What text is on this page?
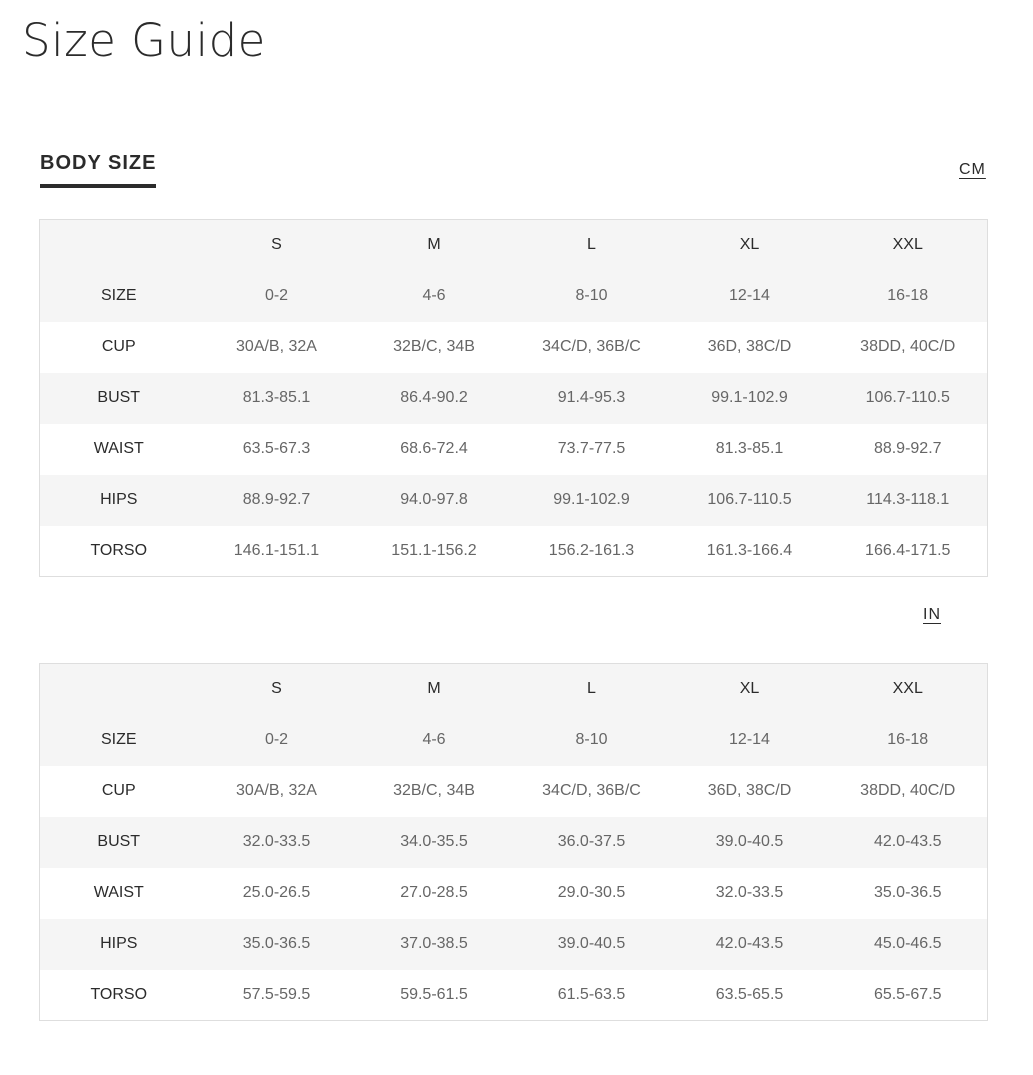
Size Guide
BODY SIZE	CM
	S	M	L	XL	XXL
SIZE	0-2	4-6	8-10	12-14	16-18
CUP	30A/B, 32A	32B/C, 34B	34C/D, 36B/C	36D, 38C/D	38DD, 40C/D
BUST	81.3-85.1	86.4-90.2	91.4-95.3	99.1-102.9	106.7-110.5
WAIST	63.5-67.3	68.6-72.4	73.7-77.5	81.3-85.1	88.9-92.7
HIPS	88.9-92.7	94.0-97.8	99.1-102.9	106.7-110.5	114.3-118.1
TORSO	146.1-151.1	151.1-156.2	156.2-161.3	161.3-166.4	166.4-171.5
IN
	S	M	L	XL	XXL
SIZE	0-2	4-6	8-10	12-14	16-18
CUP	30A/B, 32A	32B/C, 34B	34C/D, 36B/C	36D, 38C/D	38DD, 40C/D
BUST	32.0-33.5	34.0-35.5	36.0-37.5	39.0-40.5	42.0-43.5
WAIST	25.0-26.5	27.0-28.5	29.0-30.5	32.0-33.5	35.0-36.5
HIPS	35.0-36.5	37.0-38.5	39.0-40.5	42.0-43.5	45.0-46.5
TORSO	57.5-59.5	59.5-61.5	61.5-63.5	63.5-65.5	65.5-67.5
